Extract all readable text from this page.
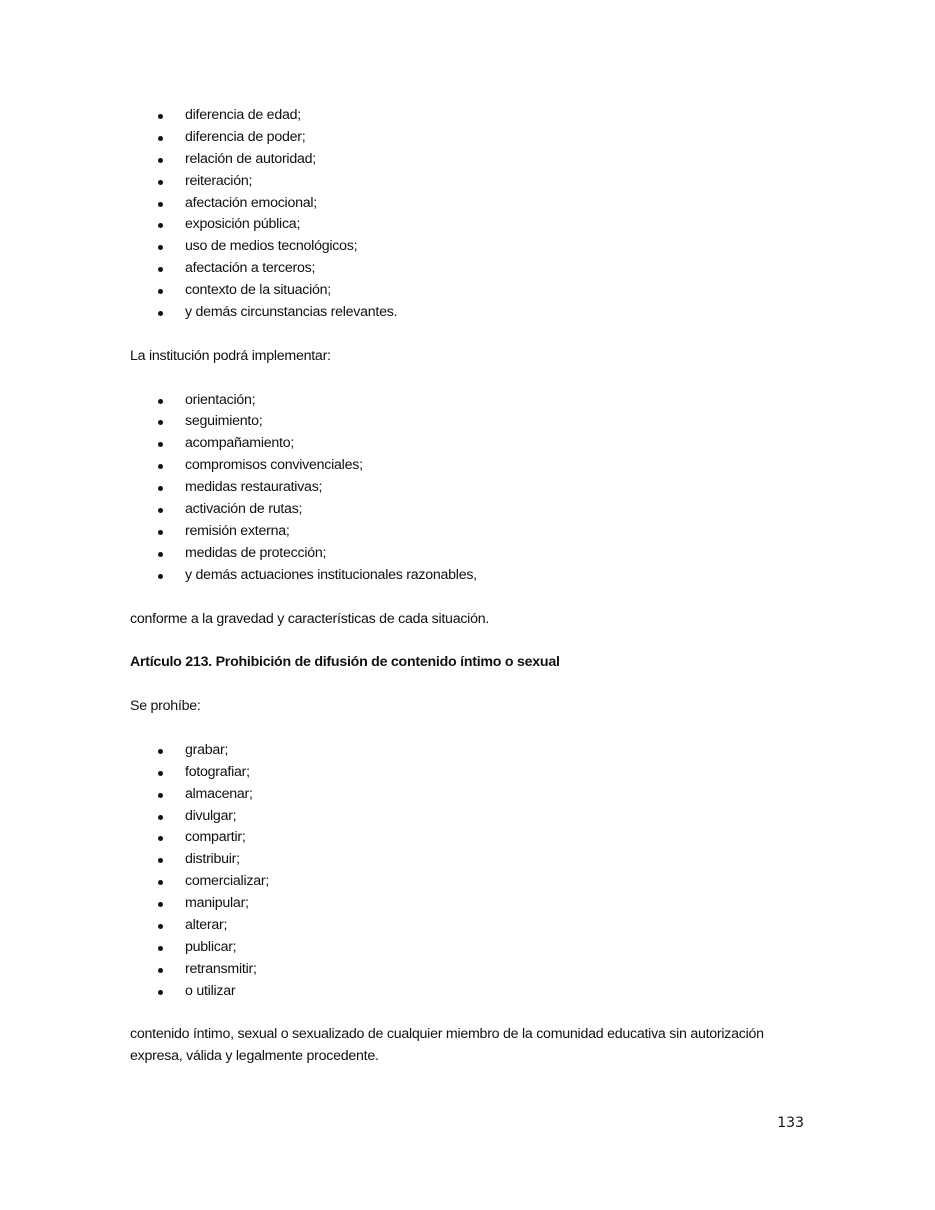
diferencia de edad;
diferencia de poder;
relación de autoridad;
reiteración;
afectación emocional;
exposición pública;
uso de medios tecnológicos;
afectación a terceros;
contexto de la situación;
y demás circunstancias relevantes.

La institución podrá implementar:

orientación;
seguimiento;
acompañamiento;
compromisos convivenciales;
medidas restaurativas;
activación de rutas;
remisión externa;
medidas de protección;
y demás actuaciones institucionales razonables,

conforme a la gravedad y características de cada situación.

Artículo 213. Prohibición de difusión de contenido íntimo o sexual

Se prohíbe:

grabar;
fotografiar;
almacenar;
divulgar;
compartir;
distribuir;
comercializar;
manipular;
alterar;
publicar;
retransmitir;
o utilizar

contenido íntimo, sexual o sexualizado de cualquier miembro de la comunidad educativa sin autorización
expresa, válida y legalmente procedente.

133
